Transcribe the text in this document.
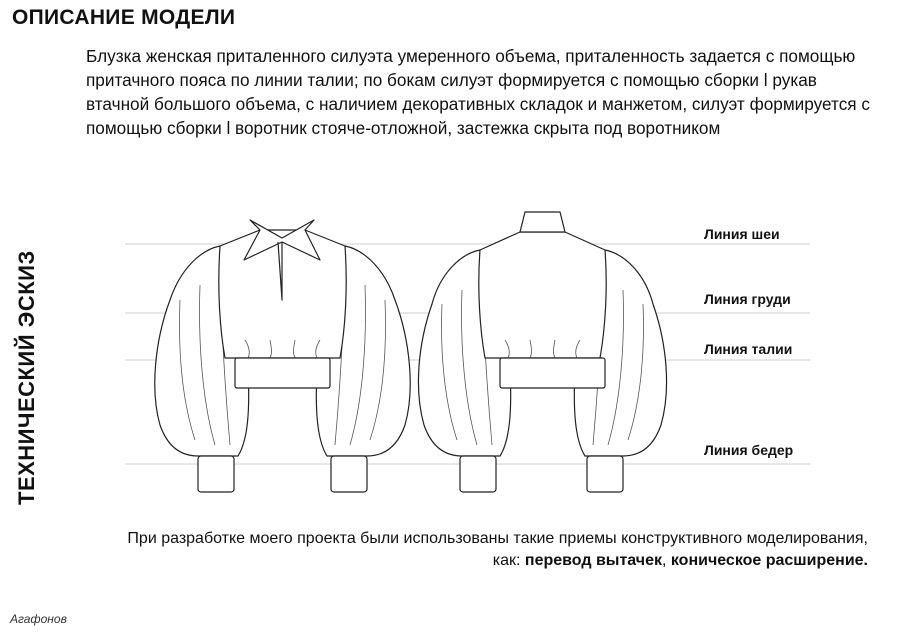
ОПИСАНИЕ МОДЕЛИ
Блузка женская приталенного силуэта умеренного объема, приталенность задается с помощью притачного пояса по линии талии; по бокам силуэт формируется с помощью сборки l рукав втачной большого объема, с наличием декоративных складок и манжетом, силуэт формируется с помощью сборки l воротник стояче-отложной, застежка скрыта под воротником
ТЕХНИЧЕСКИЙ ЭСКИЗ
Линия шеи
Линия груди
Линия талии
Линия бедер
При разработке моего проекта были использованы такие приемы конструктивного моделирования, как: перевод вытачек, коническое расширение.
Агафонов
